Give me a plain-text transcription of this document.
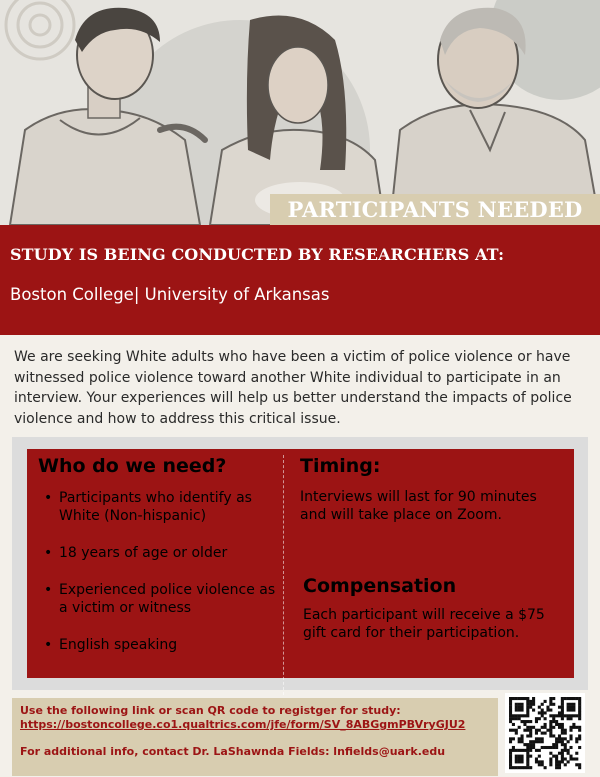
PARTICIPANTS NEEDED
STUDY IS BEING CONDUCTED BY RESEARCHERS AT:
Boston College| University of Arkansas

We are seeking White adults who have been a victim of police violence or have witnessed police violence toward another White individual to participate in an interview. Your experiences will help us better understand the impacts of police violence and how to address this critical issue.

Who do we need?
• Participants who identify as White (Non-hispanic)
• 18 years of age or older
• Experienced police violence as a victim or witness
• English speaking
Timing:

Interviews will last for 90 minutes and will take place on Zoom.

Compensation

Each participant will receive a $75 gift card for their participation.

Use the following link or scan QR code to registger for study:
https://bostoncollege.co1.qualtrics.com/jfe/form/SV_8ABGgmPBVryGJU2
For additional info, contact Dr. LaShawnda Fields: lnfields@uark.edu
